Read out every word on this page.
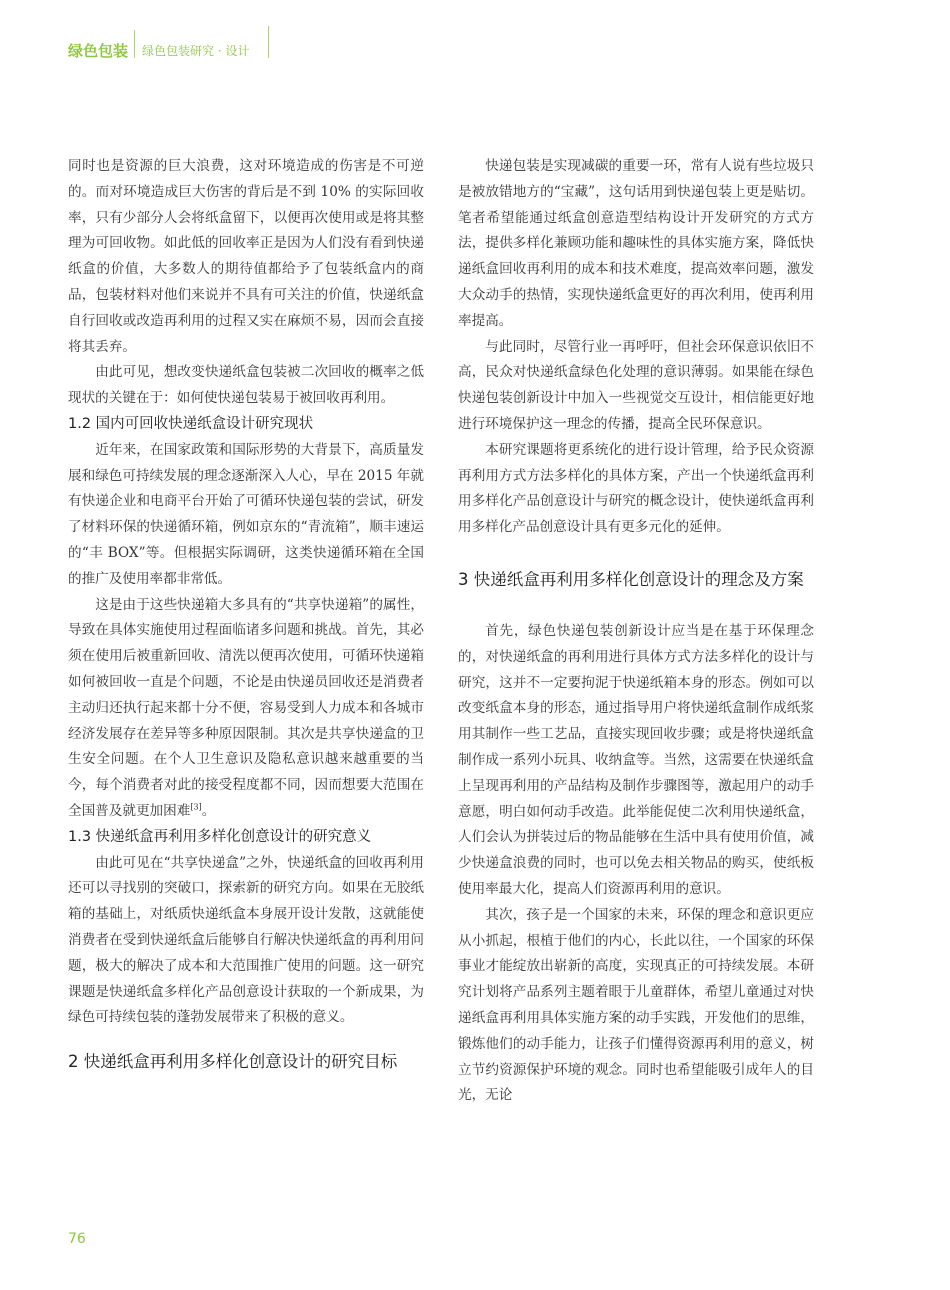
绿色包装 绿色包装研究 · 设计

同时也是资源的巨大浪费，这对环境造成的伤害是不可逆的。而对环境造成巨大伤害的背后是不到 10% 的实际回收率，只有少部分人会将纸盒留下，以便再次使用或是将其整理为可回收物。如此低的回收率正是因为人们没有看到快递纸盒的价值，大多数人的期待值都给予了包装纸盒内的商品，包装材料对他们来说并不具有可关注的价值，快递纸盒自行回收或改造再利用的过程又实在麻烦不易，因而会直接将其丢弃。

由此可见，想改变快递纸盒包装被二次回收的概率之低现状的关键在于：如何使快递包装易于被回收再利用。

1.2 国内可回收快递纸盒设计研究现状

近年来，在国家政策和国际形势的大背景下，高质量发展和绿色可持续发展的理念逐渐深入人心，早在 2015 年就有快递企业和电商平台开始了可循环快递包装的尝试，研发了材料环保的快递循环箱，例如京东的“青流箱”，顺丰速运的“丰 BOX”等。但根据实际调研，这类快递循环箱在全国的推广及使用率都非常低。

这是由于这些快递箱大多具有的“共享快递箱”的属性，导致在具体实施使用过程面临诸多问题和挑战。首先，其必须在使用后被重新回收、清洗以便再次使用，可循环快递箱如何被回收一直是个问题，不论是由快递员回收还是消费者主动归还执行起来都十分不便，容易受到人力成本和各城市经济发展存在差异等多种原因限制。其次是共享快递盒的卫生安全问题。在个人卫生意识及隐私意识越来越重要的当今，每个消费者对此的接受程度都不同，因而想要大范围在全国普及就更加困难[3]。

1.3 快递纸盒再利用多样化创意设计的研究意义

由此可见在“共享快递盒”之外，快递纸盒的回收再利用还可以寻找别的突破口，探索新的研究方向。如果在无胶纸箱的基础上，对纸质快递纸盒本身展开设计发散，这就能使消费者在受到快递纸盒后能够自行解决快递纸盒的再利用问题，极大的解决了成本和大范围推广使用的问题。这一研究课题是快递纸盒多样化产品创意设计获取的一个新成果，为绿色可持续包装的蓬勃发展带来了积极的意义。

2 快递纸盒再利用多样化创意设计的研究目标

快递包装是实现减碳的重要一环，常有人说有些垃圾只是被放错地方的“宝藏”，这句话用到快递包装上更是贴切。笔者希望能通过纸盒创意造型结构设计开发研究的方式方法，提供多样化兼顾功能和趣味性的具体实施方案，降低快递纸盒回收再利用的成本和技术难度，提高效率问题，激发大众动手的热情，实现快递纸盒更好的再次利用，使再利用率提高。

与此同时，尽管行业一再呼吁，但社会环保意识依旧不高，民众对快递纸盒绿色化处理的意识薄弱。如果能在绿色快递包装创新设计中加入一些视觉交互设计，相信能更好地进行环境保护这一理念的传播，提高全民环保意识。

本研究课题将更系统化的进行设计管理，给予民众资源再利用方式方法多样化的具体方案，产出一个快递纸盒再利用多样化产品创意设计与研究的概念设计，使快递纸盒再利用多样化产品创意设计具有更多元化的延伸。

3 快递纸盒再利用多样化创意设计的理念及方案

首先，绿色快递包装创新设计应当是在基于环保理念的，对快递纸盒的再利用进行具体方式方法多样化的设计与研究，这并不一定要拘泥于快递纸箱本身的形态。例如可以改变纸盒本身的形态，通过指导用户将快递纸盒制作成纸浆用其制作一些工艺品，直接实现回收步骤；或是将快递纸盒制作成一系列小玩具、收纳盒等。当然，这需要在快递纸盒上呈现再利用的产品结构及制作步骤图等，激起用户的动手意愿，明白如何动手改造。此举能促使二次利用快递纸盒，人们会认为拼装过后的物品能够在生活中具有使用价值，减少快递盒浪费的同时，也可以免去相关物品的购买，使纸板使用率最大化，提高人们资源再利用的意识。

其次，孩子是一个国家的未来，环保的理念和意识更应从小抓起，根植于他们的内心，长此以往，一个国家的环保事业才能绽放出崭新的高度，实现真正的可持续发展。本研究计划将产品系列主题着眼于儿童群体，希望儿童通过对快递纸盒再利用具体实施方案的动手实践，开发他们的思维，锻炼他们的动手能力，让孩子们懂得资源再利用的意义，树立节约资源保护环境的观念。同时也希望能吸引成年人的目光，无论

76
